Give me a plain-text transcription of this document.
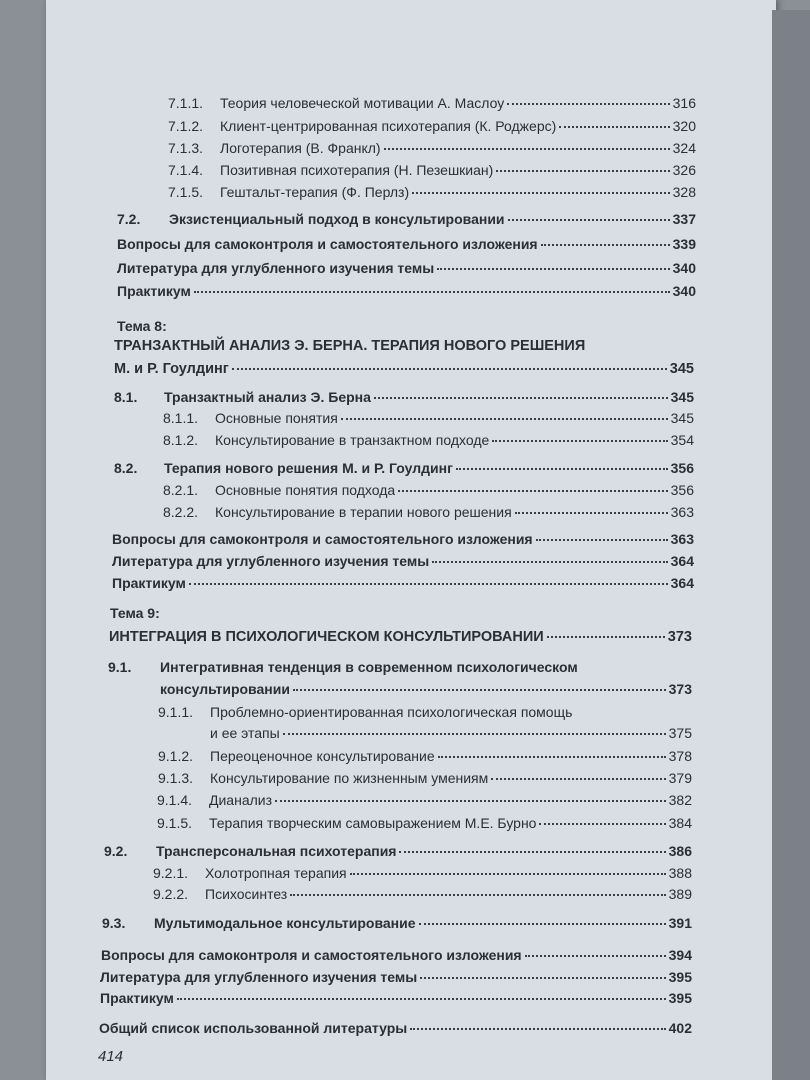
7.1.1.	Теория человеческой мотивации А. Маслоу	316
7.1.2.	Клиент-центрированная психотерапия (К. Роджерс)	320
7.1.3.	Логотерапия (В. Франкл)	324
7.1.4.	Позитивная психотерапия (Н. Пезешкиан)	326
7.1.5.	Гештальт-терапия (Ф. Перлз)	328
7.2.	Экзистенциальный подход в консультировании	337
Вопросы для самоконтроля и самостоятельного изложения	339
Литература для углубленного изучения темы	340
Практикум	340
Тема 8:
ТРАНЗАКТНЫЙ АНАЛИЗ Э. БЕРНА. ТЕРАПИЯ НОВОГО РЕШЕНИЯ
М. и Р. Гоулдинг	345
8.1.	Транзактный анализ Э. Берна	345
8.1.1.	Основные понятия	345
8.1.2.	Консультирование в транзактном подходе	354
8.2.	Терапия нового решения М. и Р. Гоулдинг	356
8.2.1.	Основные понятия подхода	356
8.2.2.	Консультирование в терапии нового решения	363
Вопросы для самоконтроля и самостоятельного изложения	363
Литература для углубленного изучения темы	364
Практикум	364
Тема 9:
ИНТЕГРАЦИЯ В ПСИХОЛОГИЧЕСКОМ КОНСУЛЬТИРОВАНИИ	373
9.1.	Интегративная тенденция в современном психологическом
консультировании	373
9.1.1.	Проблемно-ориентированная психологическая помощь
и ее этапы	375
9.1.2.	Переоценочное консультирование	378
9.1.3.	Консультирование по жизненным умениям	379
9.1.4.	Дианализ	382
9.1.5.	Терапия творческим самовыражением М.Е. Бурно	384
9.2.	Трансперсональная психотерапия	386
9.2.1.	Холотропная терапия	388
9.2.2.	Психосинтез	389
9.3.	Мультимодальное консультирование	391
Вопросы для самоконтроля и самостоятельного изложения	394
Литература для углубленного изучения темы	395
Практикум	395
Общий список использованной литературы	402
414
